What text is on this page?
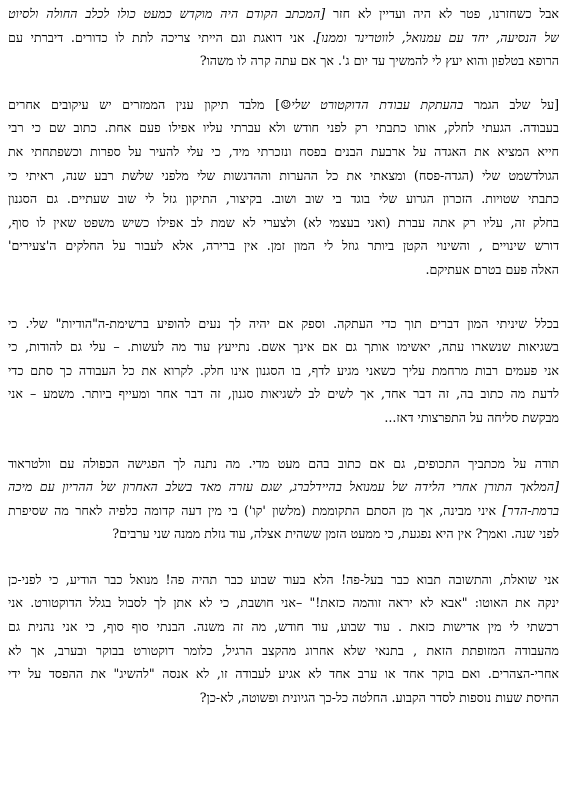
אבל כשחזרנו, פטר לא היה ועדיין לא חזר [המכתב הקודם היה מוקדש כמעט כולו לכלב החולה ולסיוט
של הנסיעה, יחד עם עמנואל, לווטרינר וממנו]. אני דואגת וגם הייתי צריכה לתת לו כדורים. דיברתי עם
הרופא בטלפון והוא יעץ לי להמשיך עד יום ג'. אך אם עתה קרה לו משהו?
[על שלב הגמר בהעתקת עבודת הדוקטורט שלי☺] מלבד תיקון ענין הממזרים יש עיקובים אחרים
בעבודה. הגעתי לחלק, אותו כתבתי רק לפני חודש ולא עברתי עליו אפילו פעם אחת. כתוב שם כי רבי
חייא המציא את האגדה על ארבעת הבנים בפסח ונזכרתי מיד, כי עלי להעיר על ספרות וכשפתחתי את
הגולדשמט שלי (הגדה-פסח) ומצאתי את כל ההערות וההדגשות שלי מלפני שלשת רבע שנה, ראיתי כי
כתבתי שטויות. הזכרון הגרוע שלי בוגד בי שוב ושוב. בקיצור, התיקון גזל לי שוב שעתיים. גם הסגנון
בחלק זה, עליו רק אתה עברת (ואני בעצמי לא) ולצערי לא שמת לב אפילו כשיש משפט שאין לו סוף,
דורש שינויים , והשינוי הקטן ביותר גוזל לי המון זמן. אין ברירה, אלא לעבור על החלקים ה'צעירים'
האלה פעם בטרם אעתיקם.
בכלל שיניתי המון דברים תוך כדי העתקה. וספק אם יהיה לך נעים להופיע ברשימת-ה"הודיות" שלי. כי
בשגיאות שנשארו עתה, יאשימו אותך גם אם אינך אשם. נתייעץ עוד מה לעשות. – עלי גם להודות, כי
אני פעמים רבות מרחמת עליך כשאני מגיע לדף, בו הסגנון אינו חלק. לקרוא את כל העבודה כך סתם כדי
לדעת מה כתוב בה, זה דבר אחד, אך לשים לב לשגיאות סגנון, זה דבר אחר ומעייף ביותר. משמע – אני
מבקשת סליחה על התפרצותי דאז...
תודה על מכתביך התכופים, גם אם כתוב בהם מעט מדי. מה נתנה לך הפגישה הכפולה עם וולטראוד
[המלאך התורן אחרי הלידה של עמנואל בהיידלברג, שגם עזרה מאד בשלב האחרון של ההריון עם מיכה
ברמת-הדר] איני מבינה, אך מן הסתם התקוממת (מלשון 'קו') בי מין דעה קדומה כלפיה לאחר מה שסיפרת
לפני שנה. ואמך? אין היא נפגעת, כי ממעט הזמן ששהית אצלה, עוד גזלת ממנה שני ערבים?
אני שואלת, והתשובה תבוא כבר בעל-פה! הלא בעוד שבוע כבר תהיה פה! מנואל כבר הודיע, כי לפני-כן
ינקה את האוטו: "אבא לא יראה זוהמה כזאת!" –אני חושבת, כי לא אתן לך לסבול בגלל הדוקטורט. אני
רכשתי לי מין אדישות כזאת . עוד שבוע, עוד חודש, מה זה משנה. הבנתי סוף סוף, כי אני נהנית גם
מהעבודה המזופתת הזאת , בתנאי שלא אחרוג מהקצב הרגיל, כלומר דוקטורט בבוקר ובערב, אך לא
אחרי-הצהרים. ואם בוקר אחד או ערב אחד לא אגיע לעבודה זו, לא אנסה "להשיג" את ההפסד על ידי
החיסת שעות נוספות לסדר הקבוע. החלטה כל-כך הגיונית ופשוטה, לא-כן?
